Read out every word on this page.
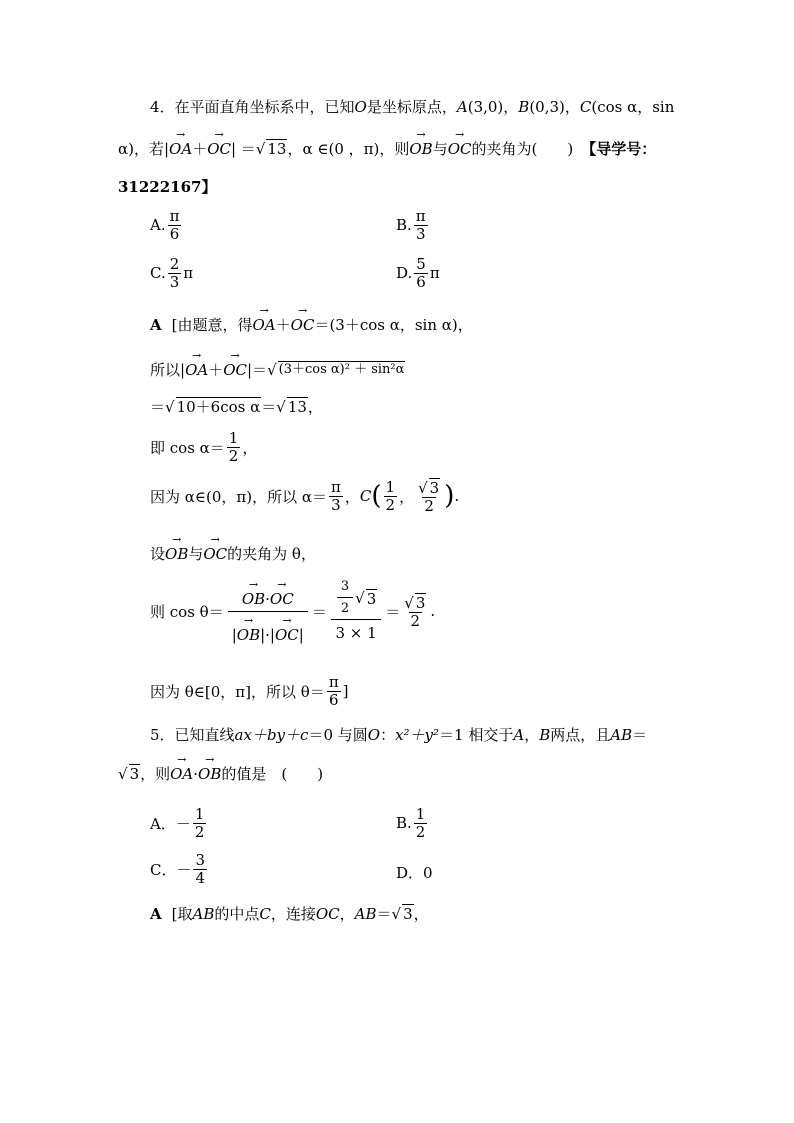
4．在平面直角坐标系中，已知 O 是坐标原点， A (3,0)， B (0,3)， C (cos α，sin
α)，若|
→ OA ＋
→ OC | ＝ √ 13 ，α ∈(0 ，π)，则
→ OB 与
→ OC 的夹角为(　　) 【导学号：
31222167】
A. $\frac{\pi}{6}$	B. $\frac{\pi}{3}$
C. $\frac{2}{3}$ π	D. $\frac{5}{6}$ π
A [由题意，得
→ OA ＋
→ OC ＝(3＋cos α，sin α)，
所以|
→ OA ＋
→ OC |＝ √ (3＋cos α)² ＋ sin²α
＝ √ 10＋6cos α ＝ √ 13 ，
即 $\cos \alpha= \frac{1}{2}$ ，
因为 α∈(0，π)，所以 $\alpha= \frac{\pi}{3}$ ， C ( $\frac{1}{2}$ ， $\frac{√ 3}{2}$ ) .
设
→ OB 与
→ OC 的夹角为 θ，
则 cos θ＝
→ OB ·
→ OC
|
→ OB |·|
→ OC | ＝ $\frac{\frac{3}{2} √ 3}{3 \times 1} = \frac{√ 3}{2}$ .
因为 θ∈[0，π]，所以 $\theta= \frac{\pi}{6}$ ]
5．已知直线 ax＋by＋c ＝0 与圆 O ： x²＋y² ＝1 相交于 A ， B 两点，且 AB ＝
√ 3 ，则
→ OA ·
→ OB 的值是　(　　)
A．－ $\frac{1}{2}$	B. $\frac{1}{2}$
C．－ $\frac{3}{4}$	D．0
A [取 AB 的中点 C ，连接 OC ， AB ＝ √ 3 ，
